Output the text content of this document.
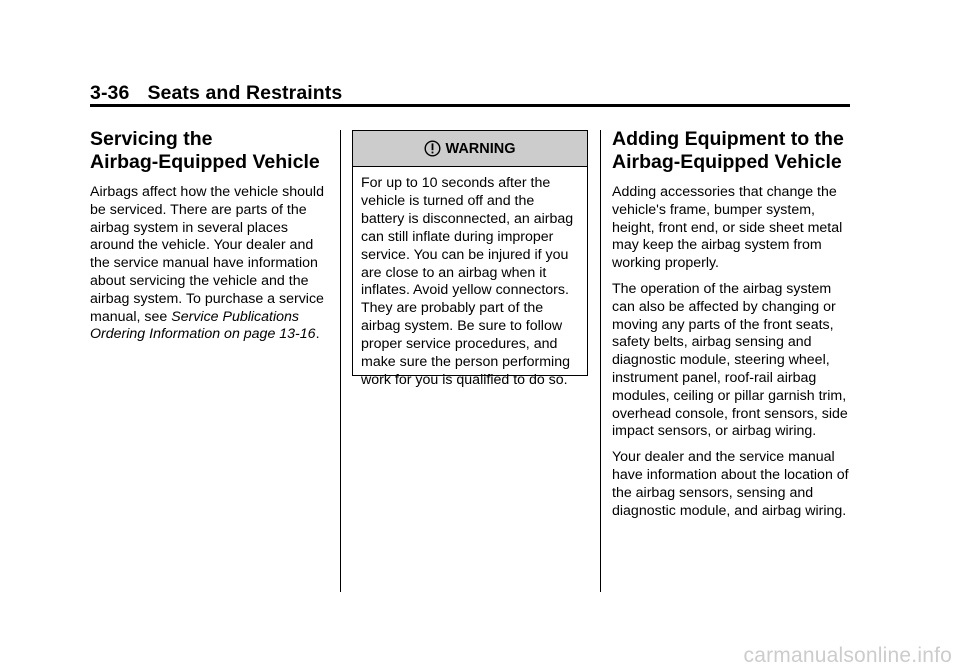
3-36 Seats and Restraints
Servicing the
Airbag-Equipped Vehicle

Airbags affect how the vehicle should be serviced. There are parts of the airbag system in several places around the vehicle. Your dealer and the service manual have information about servicing the vehicle and the airbag system. To purchase a service manual, see Service Publications Ordering Information on page 13-16.

WARNING
For up to 10 seconds after the vehicle is turned off and the battery is disconnected, an airbag can still inflate during improper service. You can be injured if you are close to an airbag when it inflates. Avoid yellow connectors. They are probably part of the airbag system. Be sure to follow proper service procedures, and make sure the person performing work for you is qualified to do so.
Adding Equipment to the
Airbag-Equipped Vehicle

Adding accessories that change the vehicle's frame, bumper system, height, front end, or side sheet metal may keep the airbag system from working properly.

The operation of the airbag system can also be affected by changing or moving any parts of the front seats, safety belts, airbag sensing and diagnostic module, steering wheel, instrument panel, roof-rail airbag modules, ceiling or pillar garnish trim, overhead console, front sensors, side impact sensors, or airbag wiring.

Your dealer and the service manual have information about the location of the airbag sensors, sensing and diagnostic module, and airbag wiring.

carmanualsonline.info
